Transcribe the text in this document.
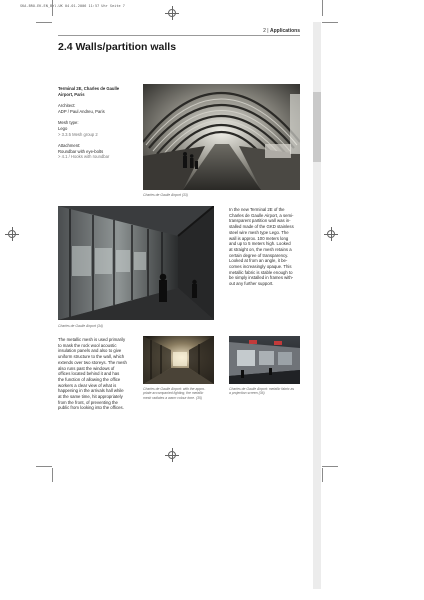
SKA-BRO-EK-EN_Bel-UK 04.01.2006 11:57 Uhr Seite 7
2 | Applications
2.4 Walls/partition walls
Terminal 2E, Charles de Gaulle
Airport, Paris
Architect:
ADP / Paul Andreu, Paris
Mesh type:
Lego
> 3.3.5 Mesh group 2
Attachment:
Roundbar with eye-bolts
> 4.1 / Hooks with roundbar
Charles de Gaulle Airport (33)
Charles de Gaulle Airport (34)
In the new Terminal 2E of the
Charles de Gaulle Airport, a semi-
transparent partition wall was in-
stalled made of the GKD stainless
steel wire mesh type Lego. The
wall is approx. 100 meters long
and up to 5 meters high. Looked
at straight on, the mesh retains a
certain degree of transparency.
Looked at from an angle, it be-
comes increasingly opaque. This
metallic fabric is stable enough to
be simply installed in frames with-
out any further support.
The metallic mesh is used primarily
to mask the rock wool acoustic
insulation panels and also to give
uniform structure to the wall, which
extends over two storeys. The mesh
also runs past the windows of
offices located behind it and has
the function of allowing the office
workers a clear view of what is
happening in the arrivals hall while
at the same time, hit appropriately
from the front, of preventing the
public from looking into the offices.
Charles de Gaulle Airport: with the appro-
priate accompanied lighting, the metallic
mesh radiates a warm colour tone. (35)
Charles de Gaulle Airport: metallic fabric as
a projection screen (36)
